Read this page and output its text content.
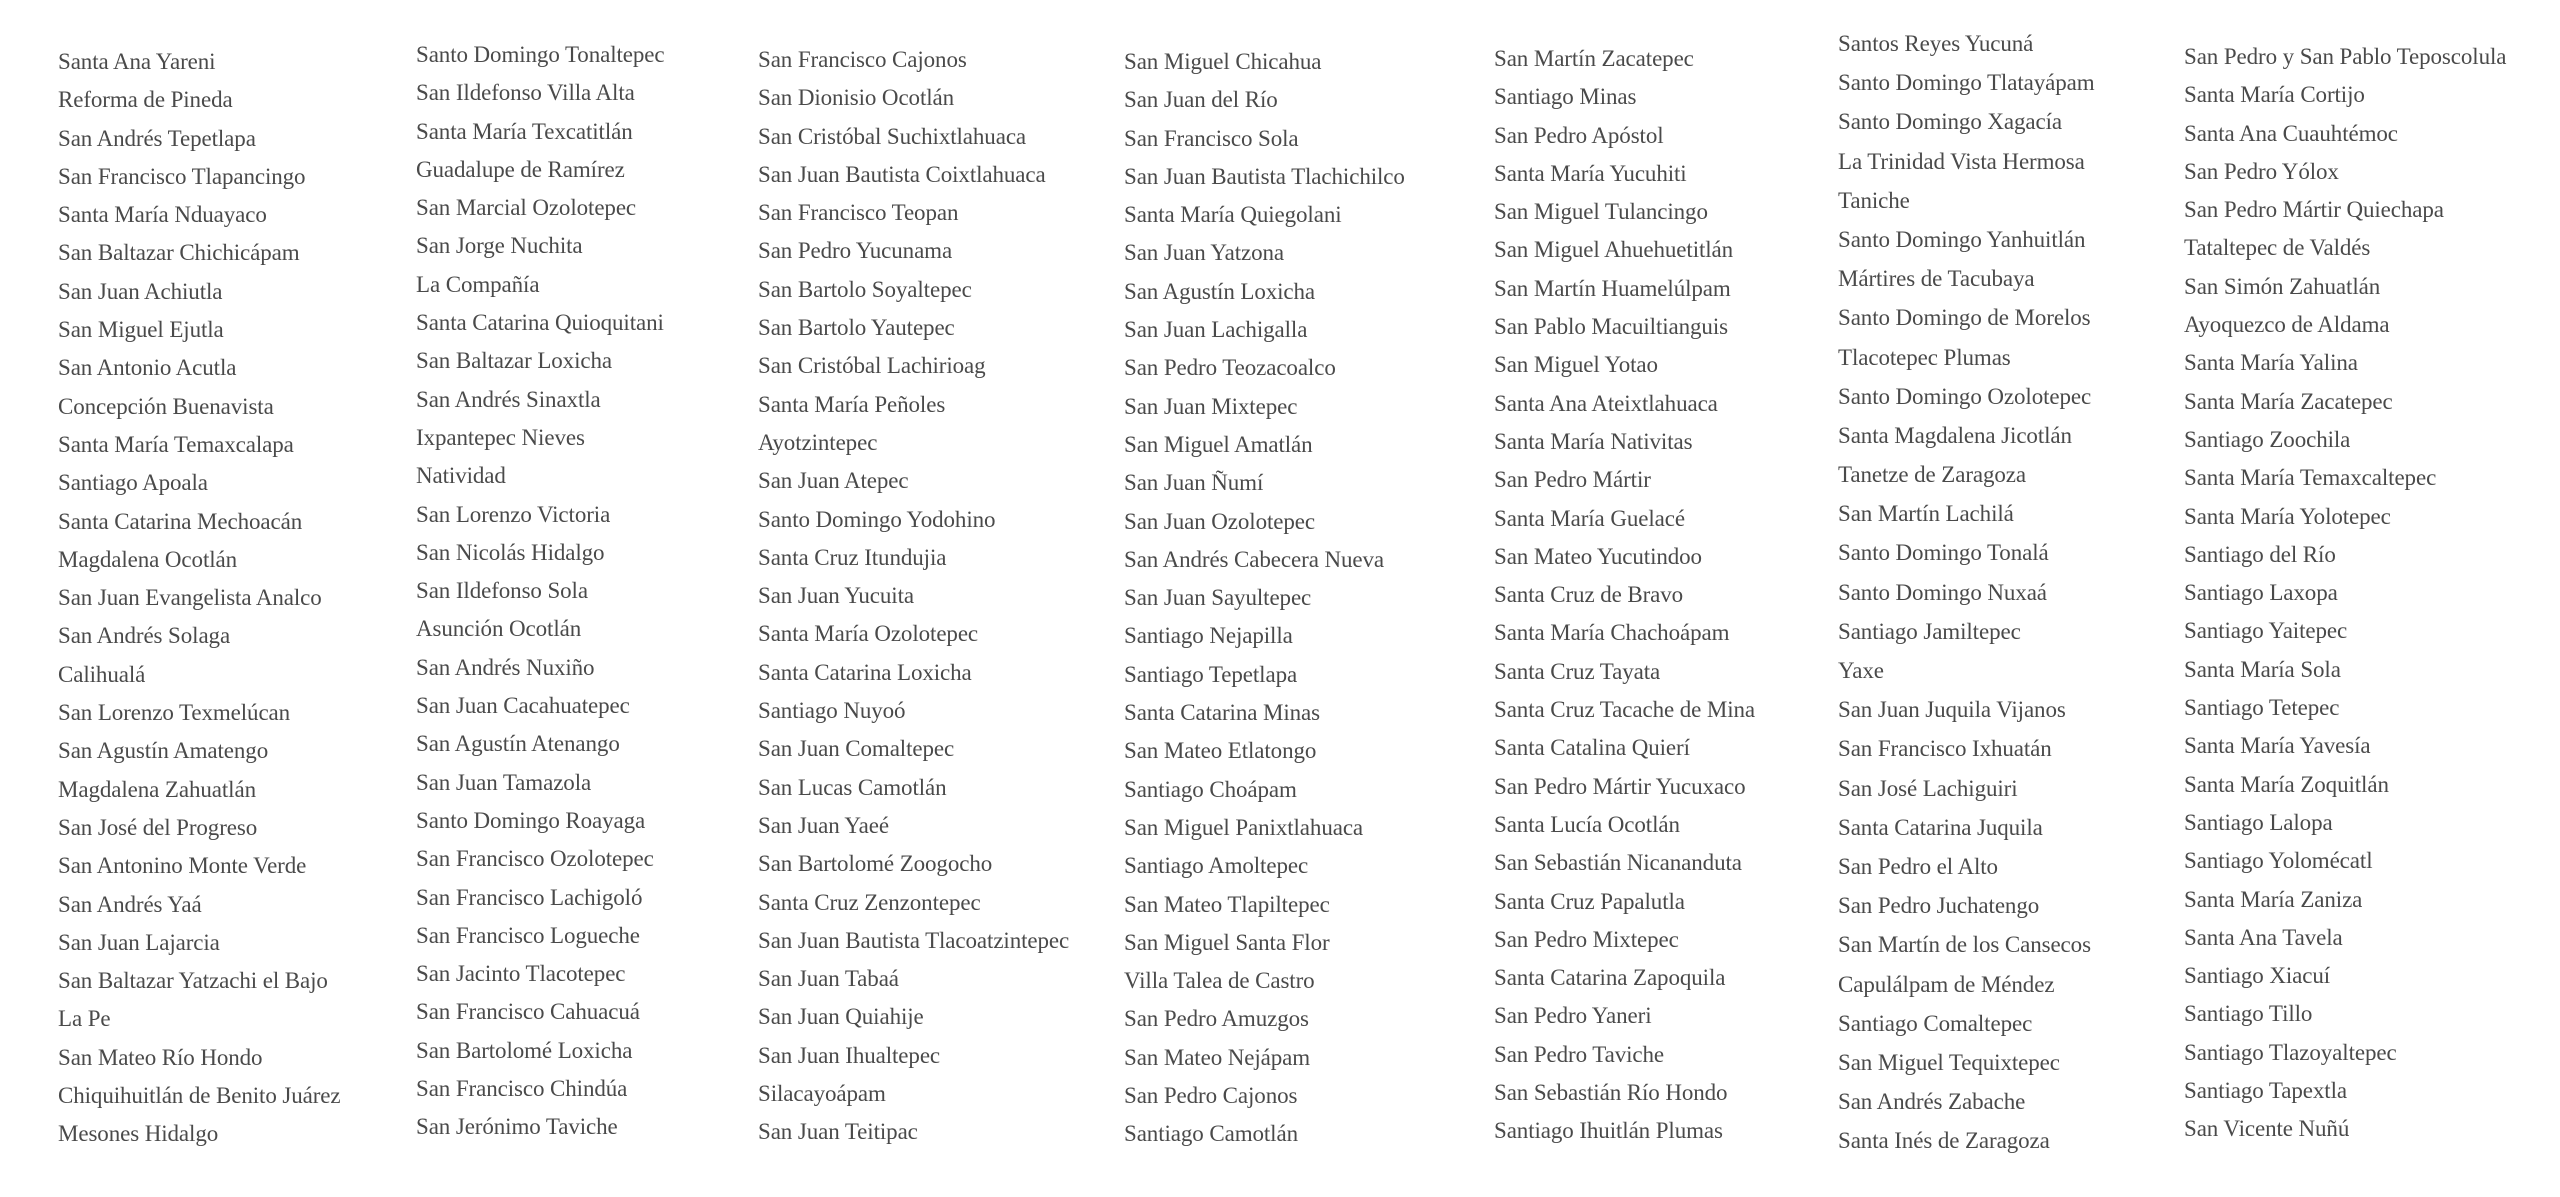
Santa Ana Yareni
Reforma de Pineda
San Andrés Tepetlapa
San Francisco Tlapancingo
Santa María Nduayaco
San Baltazar Chichicápam
San Juan Achiutla
San Miguel Ejutla
San Antonio Acutla
Concepción Buenavista
Santa María Temaxcalapa
Santiago Apoala
Santa Catarina Mechoacán
Magdalena Ocotlán
San Juan Evangelista Analco
San Andrés Solaga
Calihualá
San Lorenzo Texmelúcan
San Agustín Amatengo
Magdalena Zahuatlán
San José del Progreso
San Antonino Monte Verde
San Andrés Yaá
San Juan Lajarcia
San Baltazar Yatzachi el Bajo
La Pe
San Mateo Río Hondo
Chiquihuitlán de Benito Juárez
Mesones Hidalgo
Santo Domingo Tonaltepec
San Ildefonso Villa Alta
Santa María Texcatitlán
Guadalupe de Ramírez
San Marcial Ozolotepec
San Jorge Nuchita
La Compañía
Santa Catarina Quioquitani
San Baltazar Loxicha
San Andrés Sinaxtla
Ixpantepec Nieves
Natividad
San Lorenzo Victoria
San Nicolás Hidalgo
San Ildefonso Sola
Asunción Ocotlán
San Andrés Nuxiño
San Juan Cacahuatepec
San Agustín Atenango
San Juan Tamazola
Santo Domingo Roayaga
San Francisco Ozolotepec
San Francisco Lachigoló
San Francisco Logueche
San Jacinto Tlacotepec
San Francisco Cahuacuá
San Bartolomé Loxicha
San Francisco Chindúa
San Jerónimo Taviche
San Francisco Cajonos
San Dionisio Ocotlán
San Cristóbal Suchixtlahuaca
San Juan Bautista Coixtlahuaca
San Francisco Teopan
San Pedro Yucunama
San Bartolo Soyaltepec
San Bartolo Yautepec
San Cristóbal Lachirioag
Santa María Peñoles
Ayotzintepec
San Juan Atepec
Santo Domingo Yodohino
Santa Cruz Itundujia
San Juan Yucuita
Santa María Ozolotepec
Santa Catarina Loxicha
Santiago Nuyoó
San Juan Comaltepec
San Lucas Camotlán
San Juan Yaeé
San Bartolomé Zoogocho
Santa Cruz Zenzontepec
San Juan Bautista Tlacoatzintepec
San Juan Tabaá
San Juan Quiahije
San Juan Ihualtepec
Silacayoápam
San Juan Teitipac
San Miguel Chicahua
San Juan del Río
San Francisco Sola
San Juan Bautista Tlachichilco
Santa María Quiegolani
San Juan Yatzona
San Agustín Loxicha
San Juan Lachigalla
San Pedro Teozacoalco
San Juan Mixtepec
San Miguel Amatlán
San Juan Ñumí
San Juan Ozolotepec
San Andrés Cabecera Nueva
San Juan Sayultepec
Santiago Nejapilla
Santiago Tepetlapa
Santa Catarina Minas
San Mateo Etlatongo
Santiago Choápam
San Miguel Panixtlahuaca
Santiago Amoltepec
San Mateo Tlapiltepec
San Miguel Santa Flor
Villa Talea de Castro
San Pedro Amuzgos
San Mateo Nejápam
San Pedro Cajonos
Santiago Camotlán
San Martín Zacatepec
Santiago Minas
San Pedro Apóstol
Santa María Yucuhiti
San Miguel Tulancingo
San Miguel Ahuehuetitlán
San Martín Huamelúlpam
San Pablo Macuiltianguis
San Miguel Yotao
Santa Ana Ateixtlahuaca
Santa María Nativitas
San Pedro Mártir
Santa María Guelacé
San Mateo Yucutindoo
Santa Cruz de Bravo
Santa María Chachoápam
Santa Cruz Tayata
Santa Cruz Tacache de Mina
Santa Catalina Quierí
San Pedro Mártir Yucuxaco
Santa Lucía Ocotlán
San Sebastián Nicananduta
Santa Cruz Papalutla
San Pedro Mixtepec
Santa Catarina Zapoquila
San Pedro Yaneri
San Pedro Taviche
San Sebastián Río Hondo
Santiago Ihuitlán Plumas
Santos Reyes Yucuná
Santo Domingo Tlatayápam
Santo Domingo Xagacía
La Trinidad Vista Hermosa
Taniche
Santo Domingo Yanhuitlán
Mártires de Tacubaya
Santo Domingo de Morelos
Tlacotepec Plumas
Santo Domingo Ozolotepec
Santa Magdalena Jicotlán
Tanetze de Zaragoza
San Martín Lachilá
Santo Domingo Tonalá
Santo Domingo Nuxaá
Santiago Jamiltepec
Yaxe
San Juan Juquila Vijanos
San Francisco Ixhuatán
San José Lachiguiri
Santa Catarina Juquila
San Pedro el Alto
San Pedro Juchatengo
San Martín de los Cansecos
Capulálpam de Méndez
Santiago Comaltepec
San Miguel Tequixtepec
San Andrés Zabache
Santa Inés de Zaragoza
San Pedro y San Pablo Teposcolula
Santa María Cortijo
Santa Ana Cuauhtémoc
San Pedro Yólox
San Pedro Mártir Quiechapa
Tataltepec de Valdés
San Simón Zahuatlán
Ayoquezco de Aldama
Santa María Yalina
Santa María Zacatepec
Santiago Zoochila
Santa María Temaxcaltepec
Santa María Yolotepec
Santiago del Río
Santiago Laxopa
Santiago Yaitepec
Santa María Sola
Santiago Tetepec
Santa María Yavesía
Santa María Zoquitlán
Santiago Lalopa
Santiago Yolomécatl
Santa María Zaniza
Santa Ana Tavela
Santiago Xiacuí
Santiago Tillo
Santiago Tlazoyaltepec
Santiago Tapextla
San Vicente Nuñú
